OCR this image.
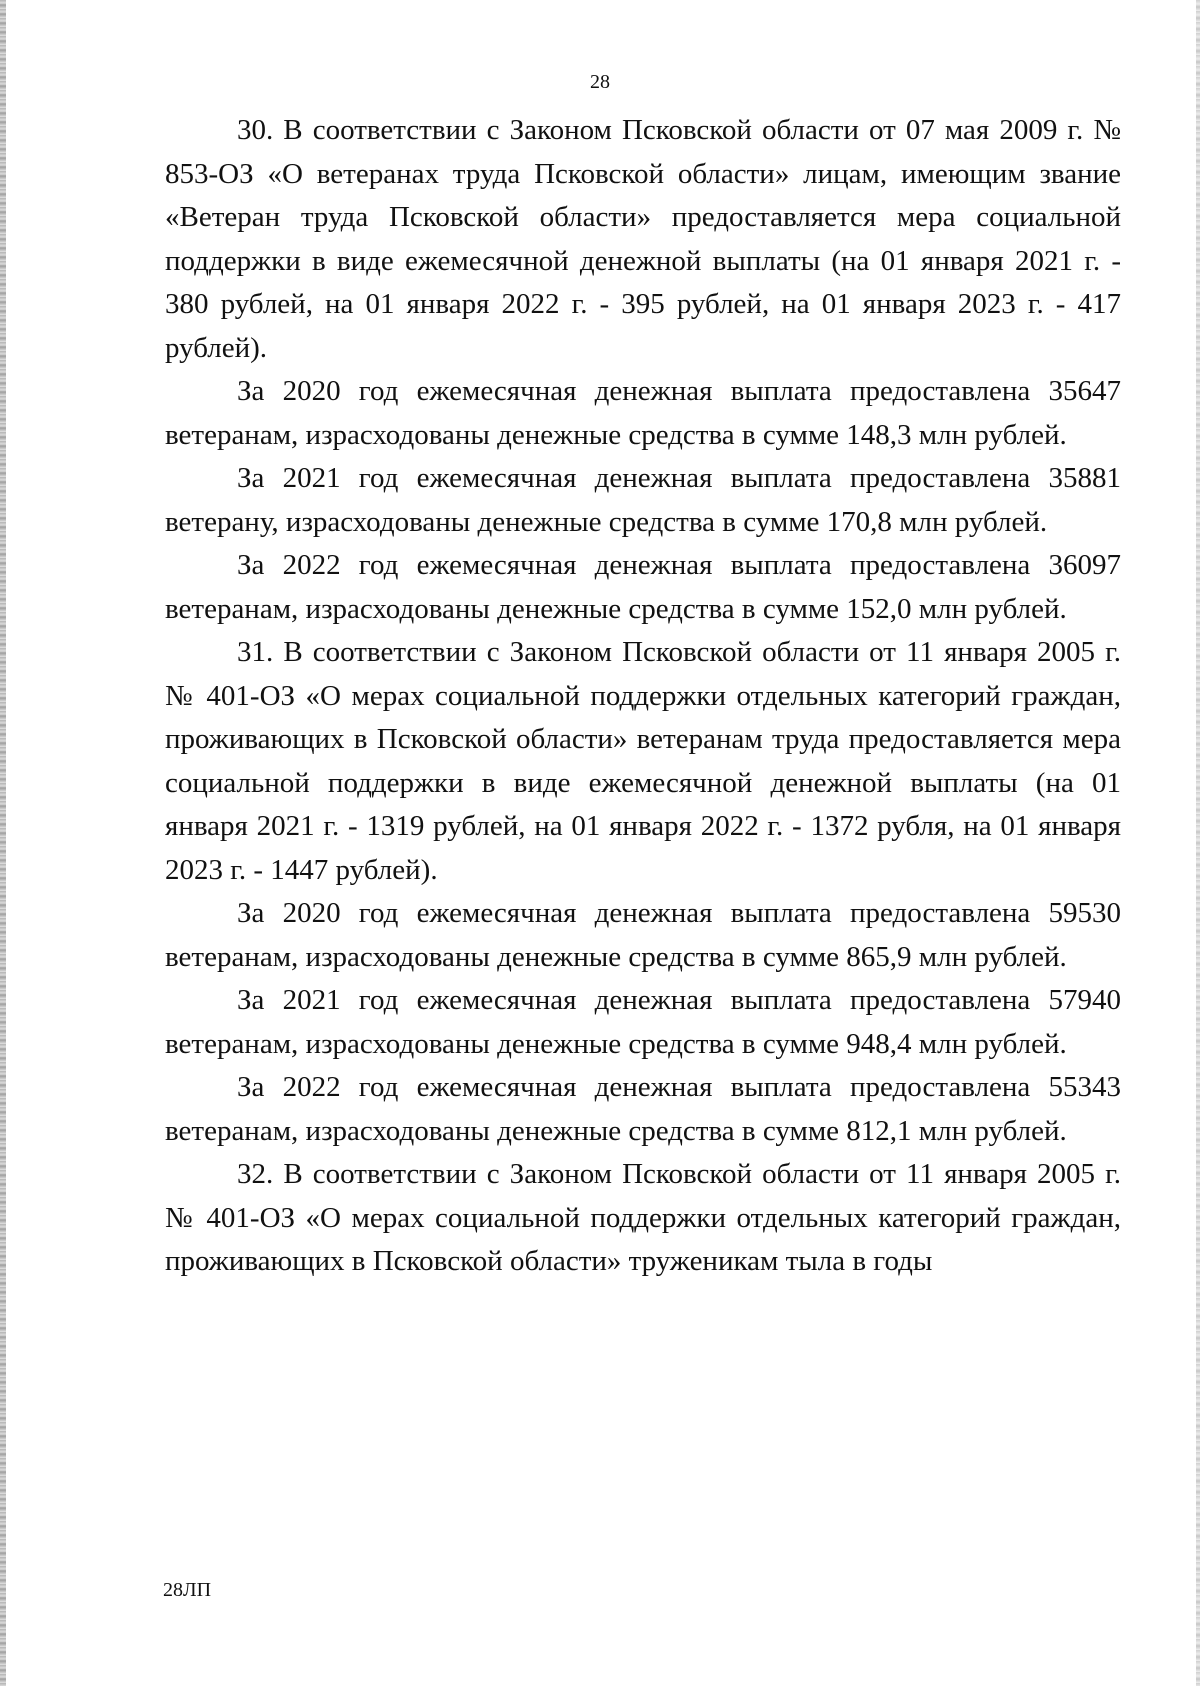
28

30. В соответствии с Законом Псковской области от 07 мая 2009 г. № 853-ОЗ «О ветеранах труда Псковской области» лицам, имеющим звание «Ветеран труда Псковской области» предоставляется мера социальной поддержки в виде ежемесячной денежной выплаты (на 01 января 2021 г. - 380 рублей, на 01 января 2022 г. - 395 рублей, на 01 января 2023 г. - 417 рублей).

За 2020 год ежемесячная денежная выплата предоставлена 35647 ветеранам, израсходованы денежные средства в сумме 148,3 млн рублей.

За 2021 год ежемесячная денежная выплата предоставлена 35881 ветерану, израсходованы денежные средства в сумме 170,8 млн рублей.

За 2022 год ежемесячная денежная выплата предоставлена 36097 ветеранам, израсходованы денежные средства в сумме 152,0 млн рублей.

31. В соответствии с Законом Псковской области от 11 января 2005 г. № 401-ОЗ «О мерах социальной поддержки отдельных категорий граждан, проживающих в Псковской области» ветеранам труда предоставляется мера социальной поддержки в виде ежемесячной денежной выплаты (на 01 января 2021 г. - 1319 рублей, на 01 января 2022 г. - 1372 рубля, на 01 января 2023 г. - 1447 рублей).

За 2020 год ежемесячная денежная выплата предоставлена 59530 ветеранам, израсходованы денежные средства в сумме 865,9 млн рублей.

За 2021 год ежемесячная денежная выплата предоставлена 57940 ветеранам, израсходованы денежные средства в сумме 948,4 млн рублей.

За 2022 год ежемесячная денежная выплата предоставлена 55343 ветеранам, израсходованы денежные средства в сумме 812,1 млн рублей.

32. В соответствии с Законом Псковской области от 11 января 2005 г. № 401-ОЗ «О мерах социальной поддержки отдельных категорий граждан, проживающих в Псковской области» труженикам тыла в годы

28ЛП
